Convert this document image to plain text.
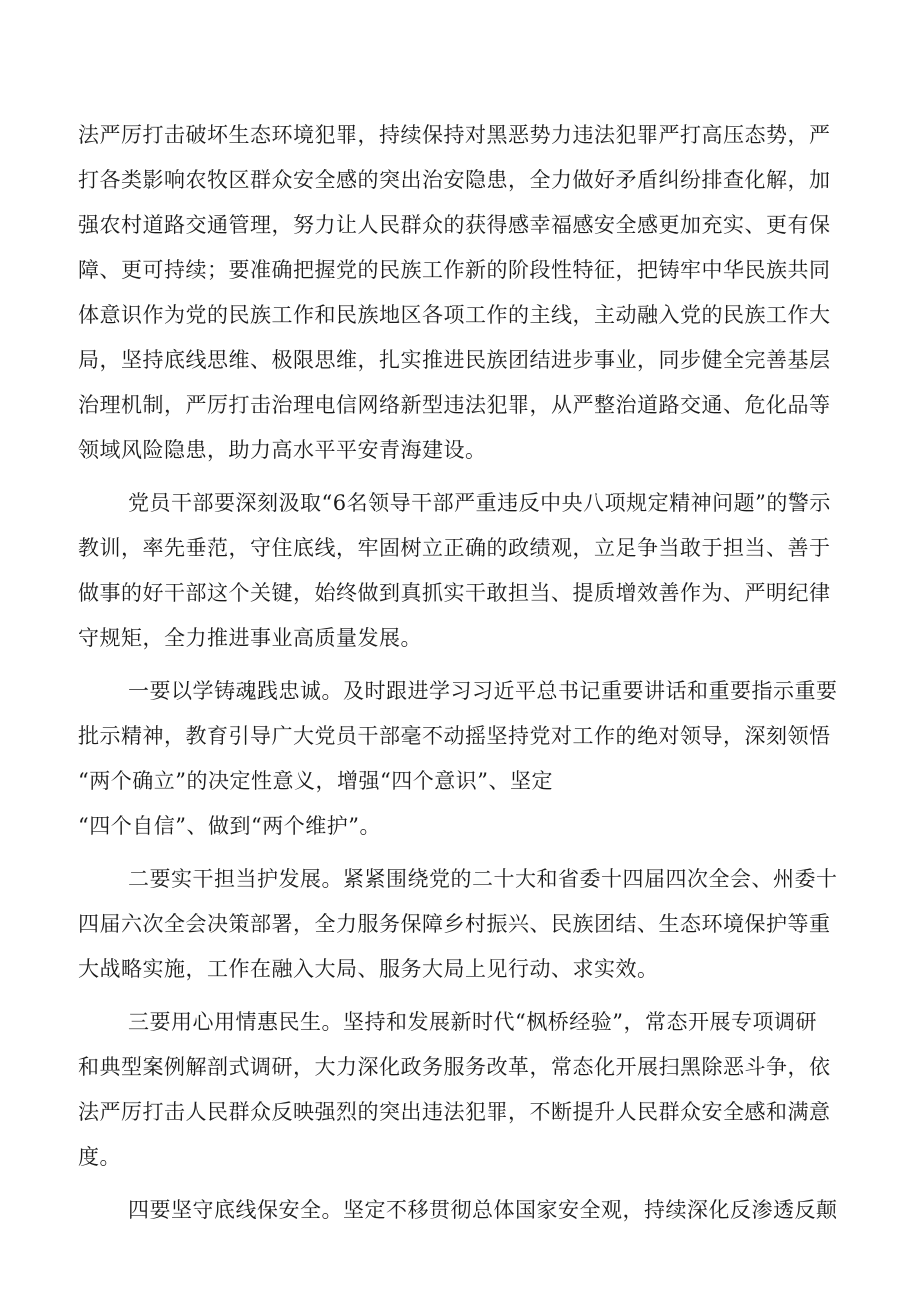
法严厉打击破坏生态环境犯罪，持续保持对黑恶势力违法犯罪严打高压态势，严
打各类影响农牧区群众安全感的突出治安隐患，全力做好矛盾纠纷排查化解，加
强农村道路交通管理，努力让人民群众的获得感幸福感安全感更加充实、更有保
障、更可持续；要准确把握党的民族工作新的阶段性特征，把铸牢中华民族共同
体意识作为党的民族工作和民族地区各项工作的主线，主动融入党的民族工作大
局，坚持底线思维、极限思维，扎实推进民族团结进步事业，同步健全完善基层
治理机制，严厉打击治理电信网络新型违法犯罪，从严整治道路交通、危化品等
领域风险隐患，助力高水平平安青海建设。
党员干部要深刻汲取“6名领导干部严重违反中央八项规定精神问题”的警示
教训，率先垂范，守住底线，牢固树立正确的政绩观，立足争当敢于担当、善于
做事的好干部这个关键，始终做到真抓实干敢担当、提质增效善作为、严明纪律
守规矩，全力推进事业高质量发展。
一要以学铸魂践忠诚。及时跟进学习习近平总书记重要讲话和重要指示重要
批示精神，教育引导广大党员干部毫不动摇坚持党对工作的绝对领导，深刻领悟
“两个确立”的决定性意义，增强“四个意识”、坚定
“四个自信”、做到“两个维护”。
二要实干担当护发展。紧紧围绕党的二十大和省委十四届四次全会、州委十
四届六次全会决策部署，全力服务保障乡村振兴、民族团结、生态环境保护等重
大战略实施，工作在融入大局、服务大局上见行动、求实效。
三要用心用情惠民生。坚持和发展新时代“枫桥经验”，常态开展专项调研
和典型案例解剖式调研，大力深化政务服务改革，常态化开展扫黑除恶斗争，依
法严厉打击人民群众反映强烈的突出违法犯罪，不断提升人民群众安全感和满意
度。
四要坚守底线保安全。坚定不移贯彻总体国家安全观，持续深化反渗透反颠
